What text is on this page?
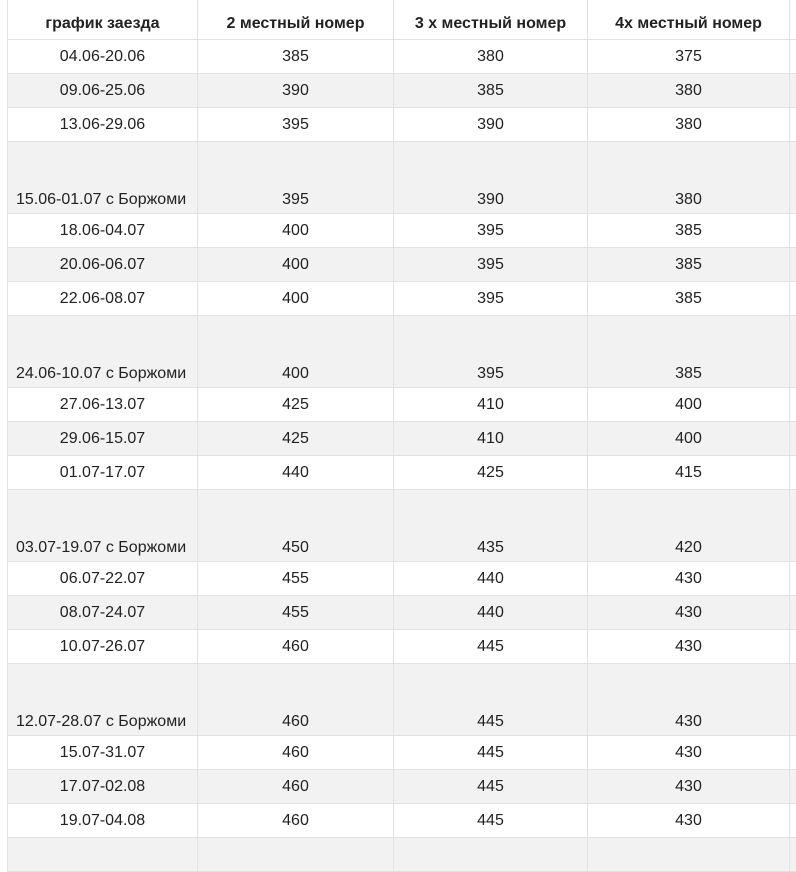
график заезда	2 местный номер	3 х местный номер	4х местный номер	
04.06-20.06	385	380	375	
09.06-25.06	390	385	380	
13.06-29.06	395	390	380	
15.06-01.07 с Боржоми	395	390	380	
18.06-04.07	400	395	385	
20.06-06.07	400	395	385	
22.06-08.07	400	395	385	
24.06-10.07 с Боржоми	400	395	385	
27.06-13.07	425	410	400	
29.06-15.07	425	410	400	
01.07-17.07	440	425	415	
03.07-19.07 с Боржоми	450	435	420	
06.07-22.07	455	440	430	
08.07-24.07	455	440	430	
10.07-26.07	460	445	430	
12.07-28.07 с Боржоми	460	445	430	
15.07-31.07	460	445	430	
17.07-02.08	460	445	430	
19.07-04.08	460	445	430	
